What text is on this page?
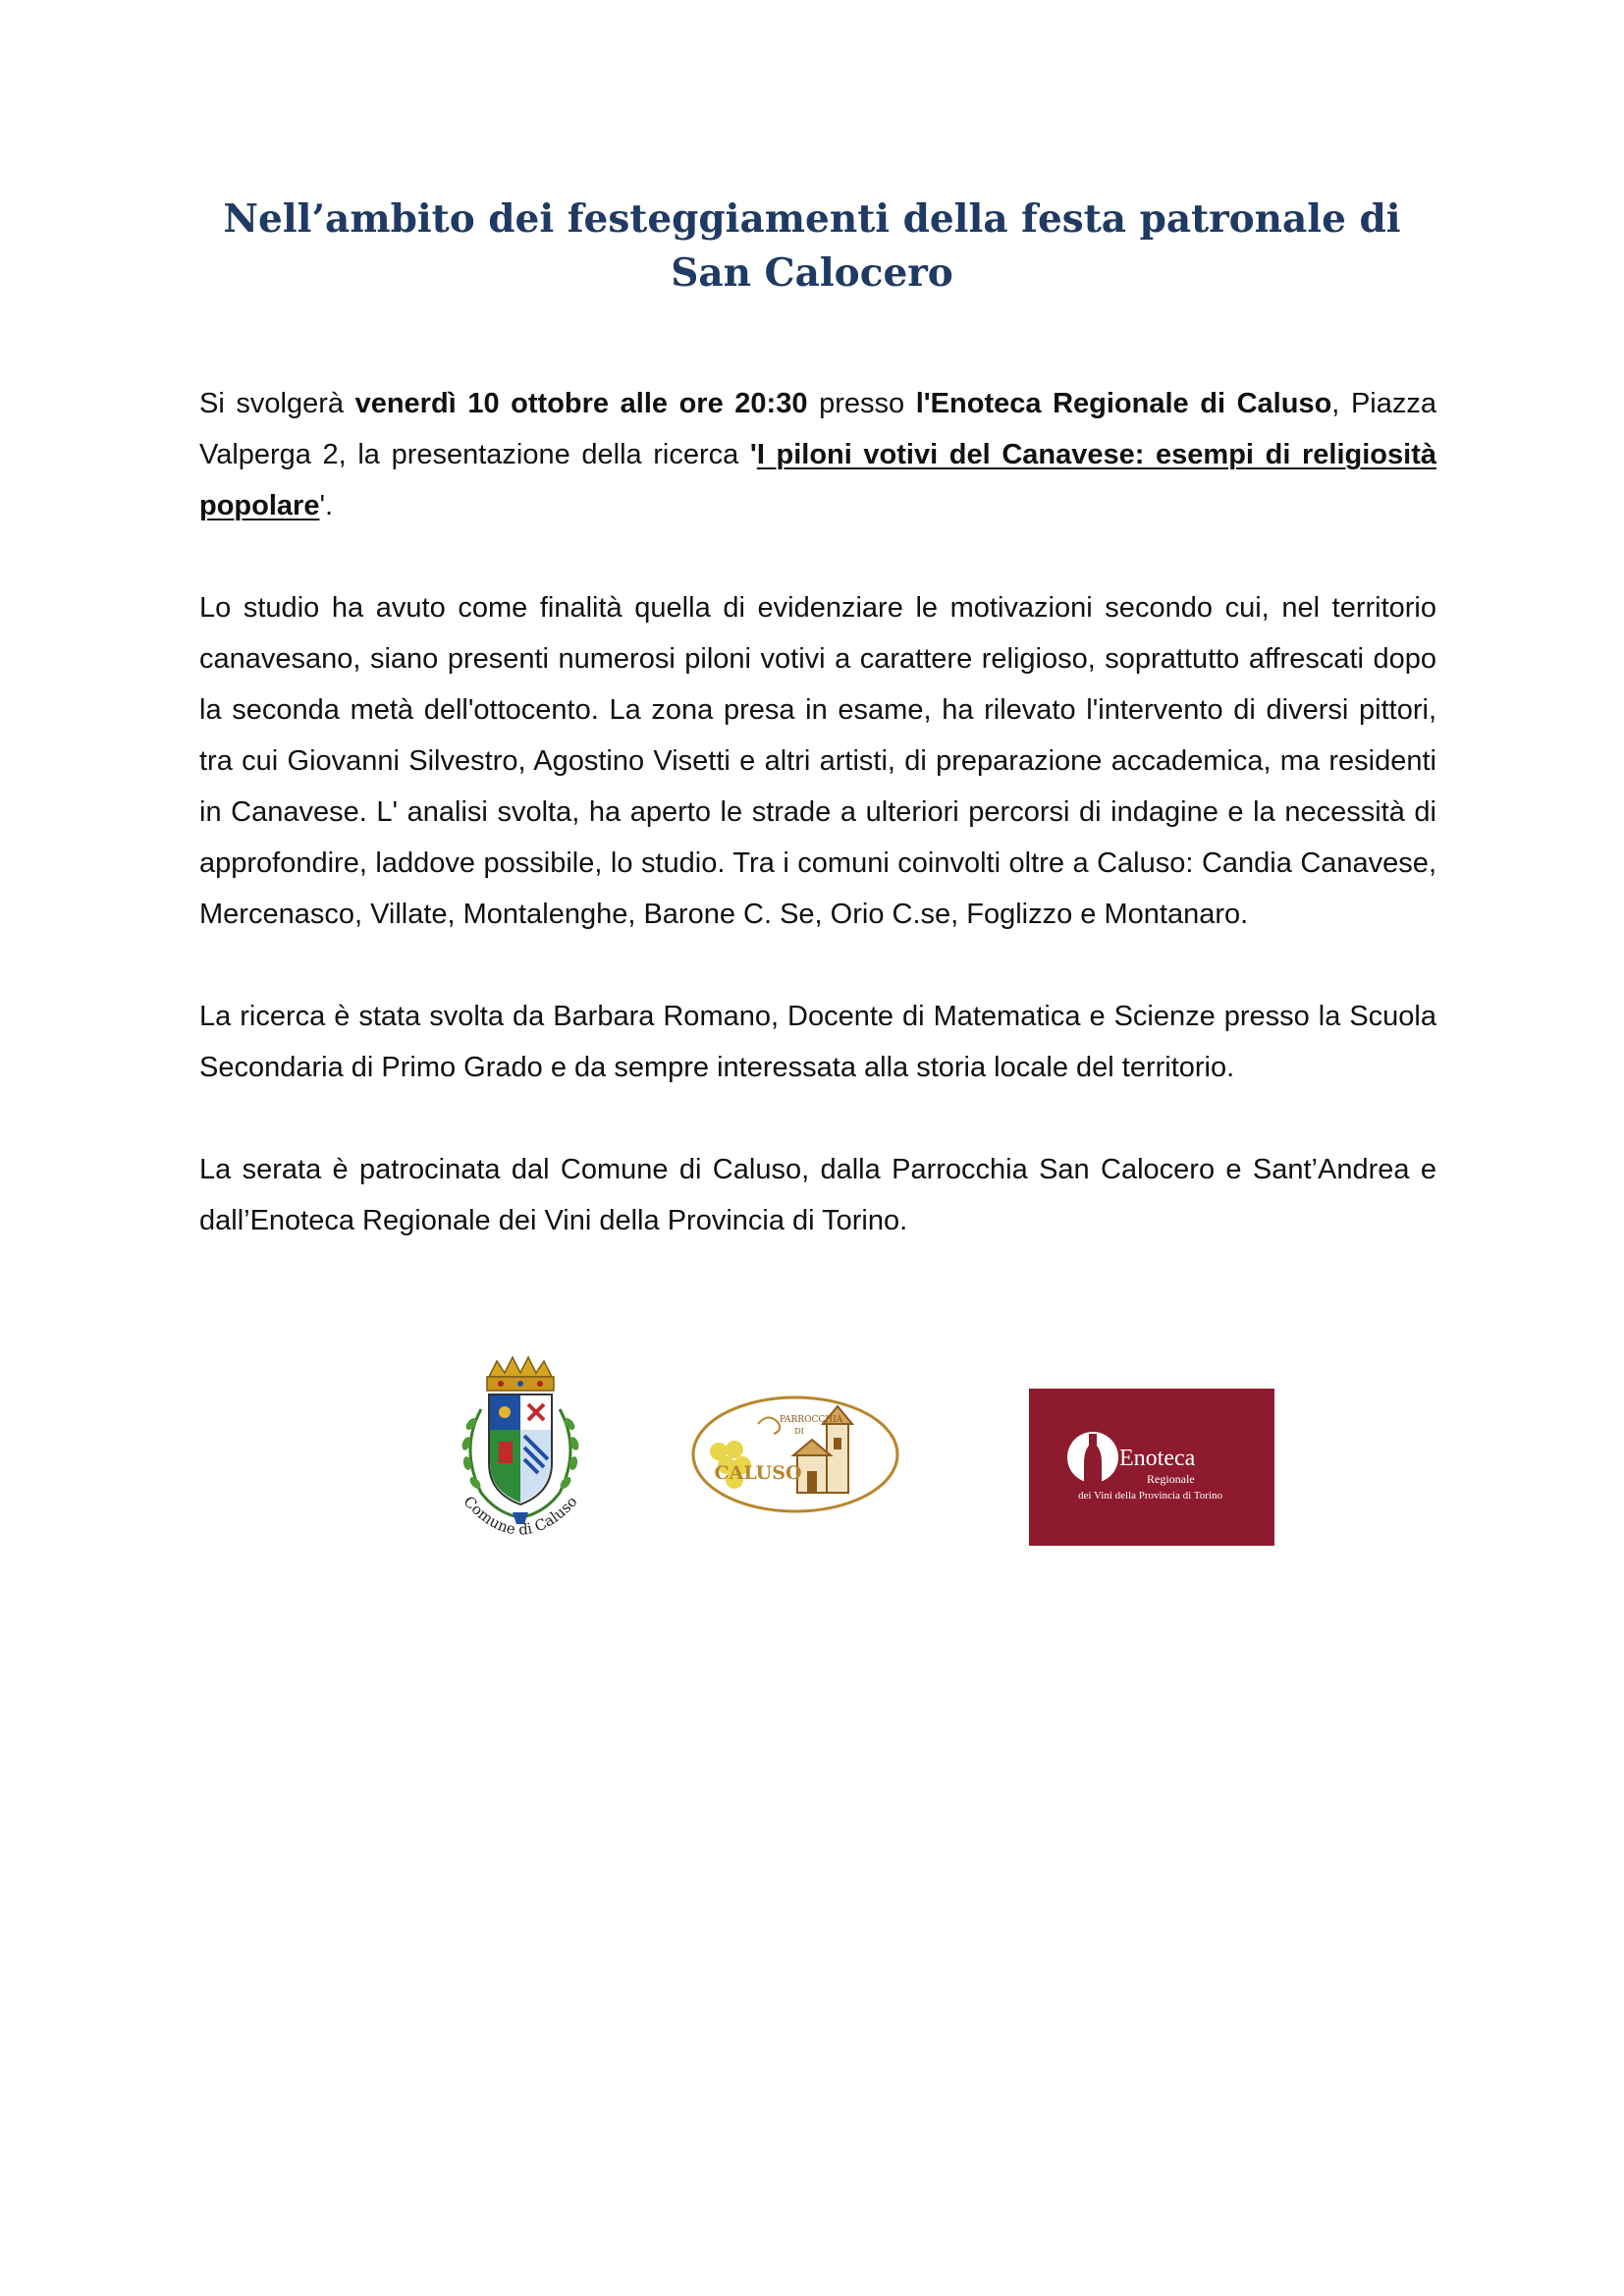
Nell’ambito dei festeggiamenti della festa patronale di San Calocero

Si svolgerà venerdì 10 ottobre alle ore 20:30 presso l'Enoteca Regionale di Caluso, Piazza Valperga 2, la presentazione della ricerca 'I piloni votivi del Canavese: esempi di religiosità popolare'.

Lo studio ha avuto come finalità quella di evidenziare le motivazioni secondo cui, nel territorio canavesano, siano presenti numerosi piloni votivi a carattere religioso, soprattutto affrescati dopo la seconda metà dell'ottocento. La zona presa in esame, ha rilevato l'intervento di diversi pittori, tra cui Giovanni Silvestro, Agostino Visetti e altri artisti, di preparazione accademica, ma residenti in Canavese. L' analisi svolta, ha aperto le strade a ulteriori percorsi di indagine e la necessità di approfondire, laddove possibile, lo studio. Tra i comuni coinvolti oltre a Caluso: Candia Canavese, Mercenasco, Villate, Montalenghe, Barone C. Se, Orio C.se, Foglizzo e Montanaro.

La ricerca è stata svolta da Barbara Romano, Docente di Matematica e Scienze presso la Scuola Secondaria di Primo Grado e da sempre interessata alla storia locale del territorio.

La serata è patrocinata dal Comune di Caluso, dalla Parrocchia San Calocero e Sant’Andrea e dall’Enoteca Regionale dei Vini della Provincia di Torino.

Comune di Caluso
PARROCCHIA
DI
CALUSO
Enoteca
Regionale
dei Vini della Provincia di Torino
